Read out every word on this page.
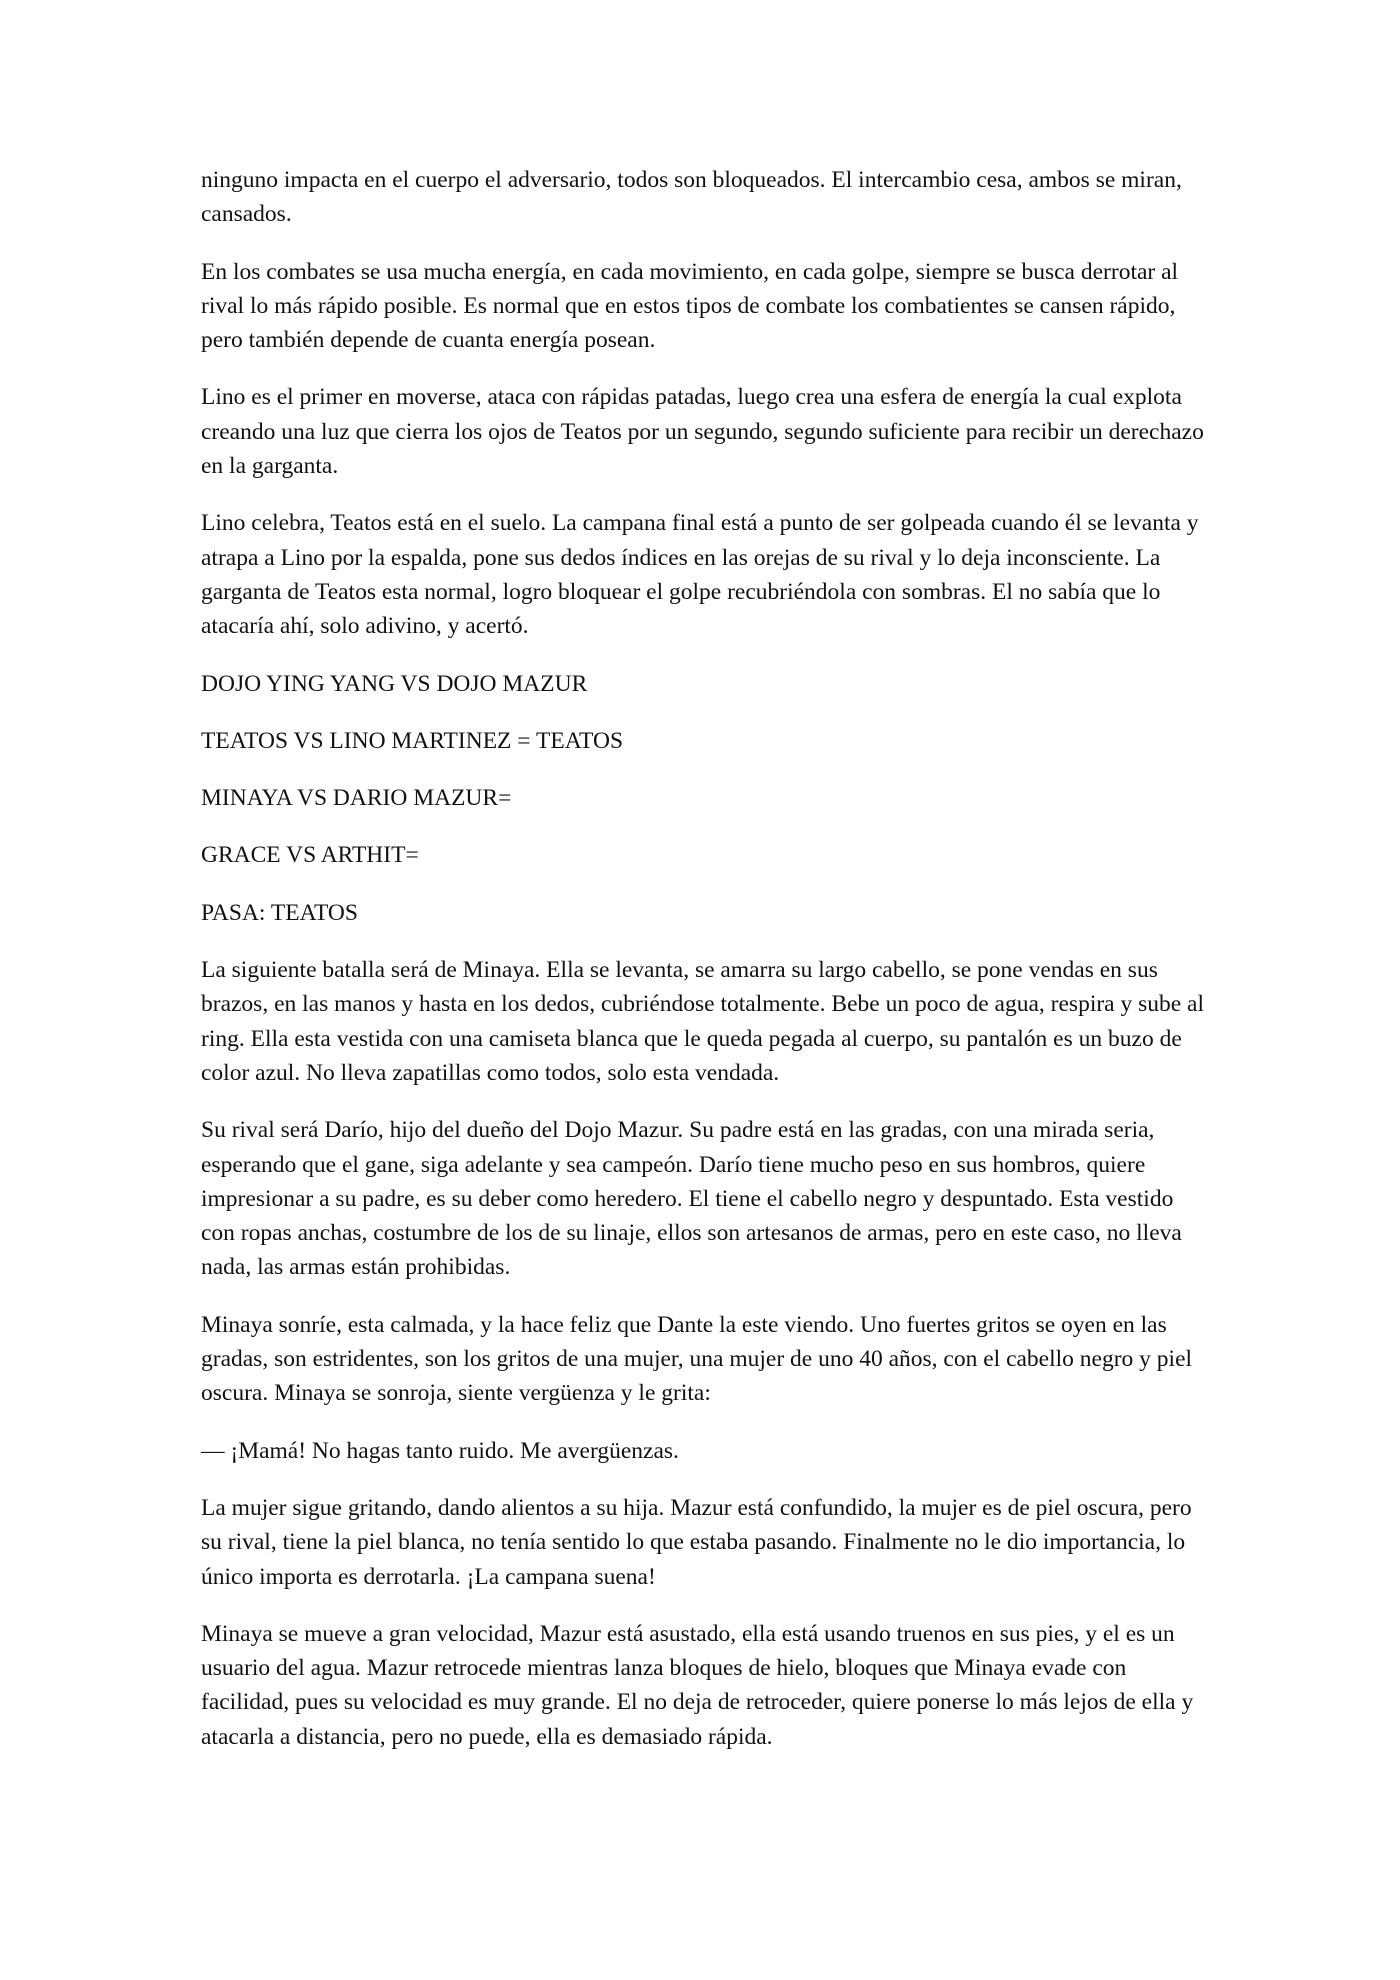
ninguno impacta en el cuerpo el adversario, todos son bloqueados. El intercambio cesa, ambos se miran, cansados.

En los combates se usa mucha energía, en cada movimiento, en cada golpe, siempre se busca derrotar al rival lo más rápido posible. Es normal que en estos tipos de combate los combatientes se cansen rápido, pero también depende de cuanta energía posean.

Lino es el primer en moverse, ataca con rápidas patadas, luego crea una esfera de energía la cual explota creando una luz que cierra los ojos de Teatos por un segundo, segundo suficiente para recibir un derechazo en la garganta.

Lino celebra, Teatos está en el suelo. La campana final está a punto de ser golpeada cuando él se levanta y atrapa a Lino por la espalda, pone sus dedos índices en las orejas de su rival y lo deja inconsciente. La garganta de Teatos esta normal, logro bloquear el golpe recubriéndola con sombras. El no sabía que lo atacaría ahí, solo adivino, y acertó.

DOJO YING YANG VS DOJO MAZUR

TEATOS VS LINO MARTINEZ = TEATOS

MINAYA VS DARIO MAZUR=

GRACE VS ARTHIT=

PASA: TEATOS

La siguiente batalla será de Minaya. Ella se levanta, se amarra su largo cabello, se pone vendas en sus brazos, en las manos y hasta en los dedos, cubriéndose totalmente. Bebe un poco de agua, respira y sube al ring. Ella esta vestida con una camiseta blanca que le queda pegada al cuerpo, su pantalón es un buzo de color azul. No lleva zapatillas como todos, solo esta vendada.

Su rival será Darío, hijo del dueño del Dojo Mazur. Su padre está en las gradas, con una mirada seria, esperando que el gane, siga adelante y sea campeón. Darío tiene mucho peso en sus hombros, quiere impresionar a su padre, es su deber como heredero. El tiene el cabello negro y despuntado. Esta vestido con ropas anchas, costumbre de los de su linaje, ellos son artesanos de armas, pero en este caso, no lleva nada, las armas están prohibidas.

Minaya sonríe, esta calmada, y la hace feliz que Dante la este viendo. Uno fuertes gritos se oyen en las gradas, son estridentes, son los gritos de una mujer, una mujer de uno 40 años, con el cabello negro y piel oscura. Minaya se sonroja, siente vergüenza y le grita:

— ¡Mamá! No hagas tanto ruido. Me avergüenzas.

La mujer sigue gritando, dando alientos a su hija. Mazur está confundido, la mujer es de piel oscura, pero su rival, tiene la piel blanca, no tenía sentido lo que estaba pasando. Finalmente no le dio importancia, lo único importa es derrotarla. ¡La campana suena!

Minaya se mueve a gran velocidad, Mazur está asustado, ella está usando truenos en sus pies, y el es un usuario del agua. Mazur retrocede mientras lanza bloques de hielo, bloques que Minaya evade con facilidad, pues su velocidad es muy grande. El no deja de retroceder, quiere ponerse lo más lejos de ella y atacarla a distancia, pero no puede, ella es demasiado rápida.
